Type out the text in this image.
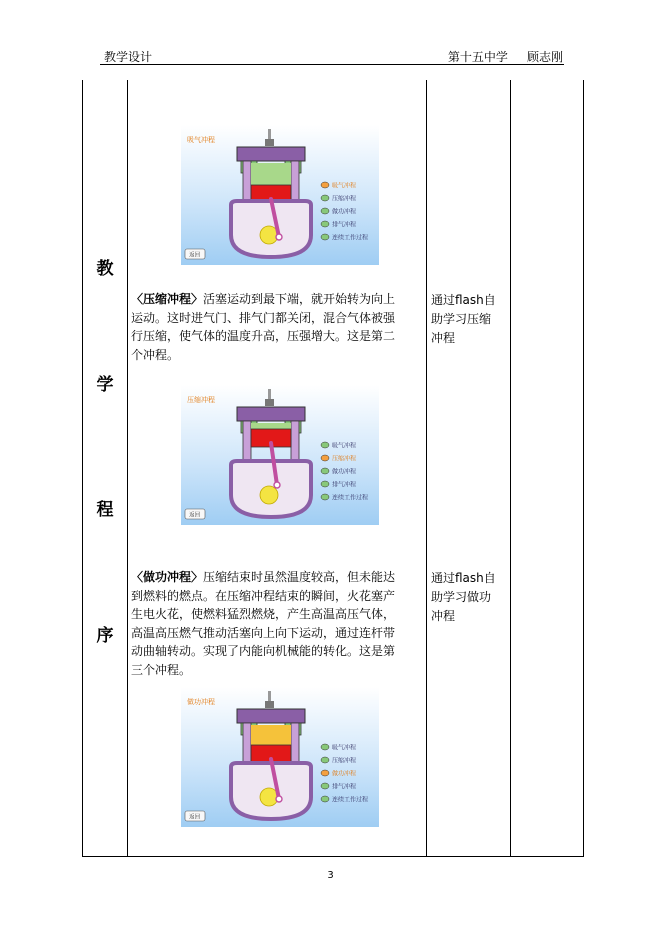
教学设计	第十五中学 顾志刚
教
学
程
序
吸气冲程
吸气冲程
压缩冲程
做功冲程
排气冲程
连续工作过程
返回
〈压缩冲程〉活塞运动到最下端，就开始转为向上
运动。这时进气门、排气门都关闭，混合气体被强
行压缩，使气体的温度升高，压强增大。这是第二
个冲程。
通过flash自
助学习压缩
冲程
压缩冲程
吸气冲程
压缩冲程
做功冲程
排气冲程
连续工作过程
返回
〈做功冲程〉压缩结束时虽然温度较高，但未能达
到燃料的燃点。在压缩冲程结束的瞬间，火花塞产
生电火花，使燃料猛烈燃烧，产生高温高压气体，
高温高压燃气推动活塞向上向下运动，通过连杆带
动曲轴转动。实现了内能向机械能的转化。这是第
三个冲程。
通过flash自
助学习做功
冲程
做功冲程
吸气冲程
压缩冲程
做功冲程
排气冲程
连续工作过程
返回
3
